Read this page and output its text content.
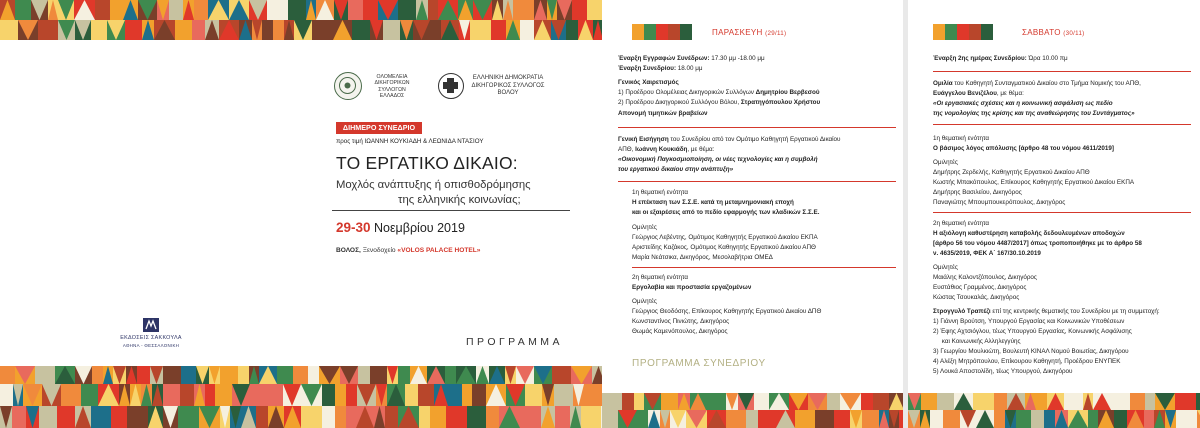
ΟΛΟΜΕΛΕΙΑ
ΔΙΚΗΓΟΡΙΚΩΝ
ΣΥΛΛΟΓΩΝ
ΕΛΛΑΔΟΣ
ΕΛΛΗΝΙΚΗ ΔΗΜΟΚΡΑΤΙΑ
ΔΙΚΗΓΟΡΙΚΟΣ ΣΥΛΛΟΓΟΣ
ΒΟΛΟΥ
ΔΙΗΜΕΡΟ ΣΥΝΕΔΡΙΟ
προς τιμή ΙΩΑΝΝΗ ΚΟΥΚΙΑΔΗ & ΛΕΩΝΙΔΑ ΝΤΑΣΙΟΥ
ΤΟ ΕΡΓΑΤΙΚΟ ΔΙΚΑΙΟ:
Μοχλός ανάπτυξης ή οπισθοδρόμησης
της ελληνικής κοινωνίας;
29-30 Νοεμβρίου 2019
ΒΟΛΟΣ, Ξενοδοχείο «VOLOS PALACE HOTEL»
ΕΚΔΟΣΕΙΣ ΣΑΚΚΟΥΛΑ
ΑΘΗΝΑ - ΘΕΣΣΑΛΟΝΙΚΗ	ΠΡΟΓΡΑΜΜΑ
ΠΑΡΑΣΚΕΥΗ (29/11)
Έναρξη Εγγραφών Συνέδρων: 17.30 μμ -18.00 μμ
Έναρξη Συνεδρίου: 18.00 μμ
Γενικός Χαιρετισμός
1) Προέδρου Ολομέλειας Δικηγορικών Συλλόγων Δημητρίου Βερβεσού
2) Προέδρου Δικηγορικού Συλλόγου Βόλου, Στρατηγόπουλου Χρήστου
Απονομή τιμητικών βραβείων
Γενική Εισήγηση του Συνεδρίου από τον Ομότιμο Καθηγητή Εργατικού Δικαίου
ΑΠΘ, Ιωάννη Κουκιάδη, με θέμα:
«Οικονομική Παγκοσμιοποίηση, οι νέες τεχνολογίες και η συμβολή
του εργατικού δικαίου στην ανάπτυξη»
1η θεματική ενότητα
Η επέκταση των Σ.Σ.Ε. κατά τη μεταμνημονιακή εποχή
και οι εξαιρέσεις από το πεδίο εφαρμογής των κλαδικών Σ.Σ.Ε.
Ομιλητές
Γεώργιος Λεβέντης, Ομότιμος Καθηγητής Εργατικού Δικαίου ΕΚΠΑ
Αριστείδης Καζάκος, Ομότιμος Καθηγητής Εργατικού Δικαίου ΑΠΘ
Μαρία Νεάτσικα, Δικηγόρος, Μεσολαβήτρια ΟΜΕΔ
2η θεματική ενότητα
Εργολαβία και προστασία εργαζομένων
Ομιλητές
Γεώργιος Θεοδόσης, Επίκουρος Καθηγητής Εργατικού Δικαίου ΔΠΘ
Κωνσταντίνος Πινιώτης, Δικηγόρος
Θωμάς Καμενόπουλος, Δικηγόρος
ΠΡΟΓΡΑΜΜΑ ΣΥΝΕΔΡΙΟΥ
ΣΑΒΒΑΤΟ (30/11)
Έναρξη 2ης ημέρας Συνεδρίου: Ώρα 10.00 πμ
Ομιλία του Καθηγητή Συνταγματικού Δικαίου στο Τμήμα Νομικής του ΑΠΘ,
Ευάγγελου Βενιζέλου, με θέμα:
«Οι εργασιακές σχέσεις και η κοινωνική ασφάλιση ως πεδίο
της νομολογίας της κρίσης και της αναθεώρησης του Συντάγματος»
1η θεματική ενότητα
Ο βάσιμος λόγος απόλυσης [άρθρο 48 του νόμου 4611/2019]
Ομιλητές
Δημήτρης Ζερδελής, Καθηγητής Εργατικού Δικαίου ΑΠΘ
Κωστής Μπακόπουλος, Επίκουρος Καθηγητής Εργατικού Δικαίου ΕΚΠΑ
Δημήτρης Βασιλείου, Δικηγόρος
Παναγιώτης Μπουμπουκερόπουλος, Δικηγόρος
2η θεματική ενότητα
Η αξιόλογη καθυστέρηση καταβολής δεδουλευμένων αποδοχών
[άρθρο 56 του νόμου 4487/2017] όπως τροποποιήθηκε με το άρθρο 58
ν. 4635/2019, ΦΕΚ Α΄ 167/30.10.2019
Ομιλητές
Μαιάλης Καλοντζόπουλος, Δικηγόρος
Ευστάθιος Γραμμένος, Δικηγόρος
Κώστας Τσουκαλάς, Δικηγόρος
Στρογγυλό Τραπέζι επί της κεντρικής θεματικής του Συνεδρίου με τη συμμετοχή:
1) Γιάννη Βρούτση, Υπουργού Εργασίας και Κοινωνικών Υποθέσεων
2) Έφης Αχτσιόγλου, τέως Υπουργού Εργασίας, Κοινωνικής Ασφάλισης
και Κοινωνικής Αλληλεγγύης
3) Γεωργίου Μουλκιώτη, Βουλευτή ΚΙΝΑΛ Νομού Βοιωτίας, Δικηγόρου
4) Αλέξη Μητρόπουλου, Επίκουρου Καθηγητή, Προέδρου ΕΝΥΠΕΚ
5) Λουκά Αποστολίδη, τέως Υπουργού, Δικηγόρου
